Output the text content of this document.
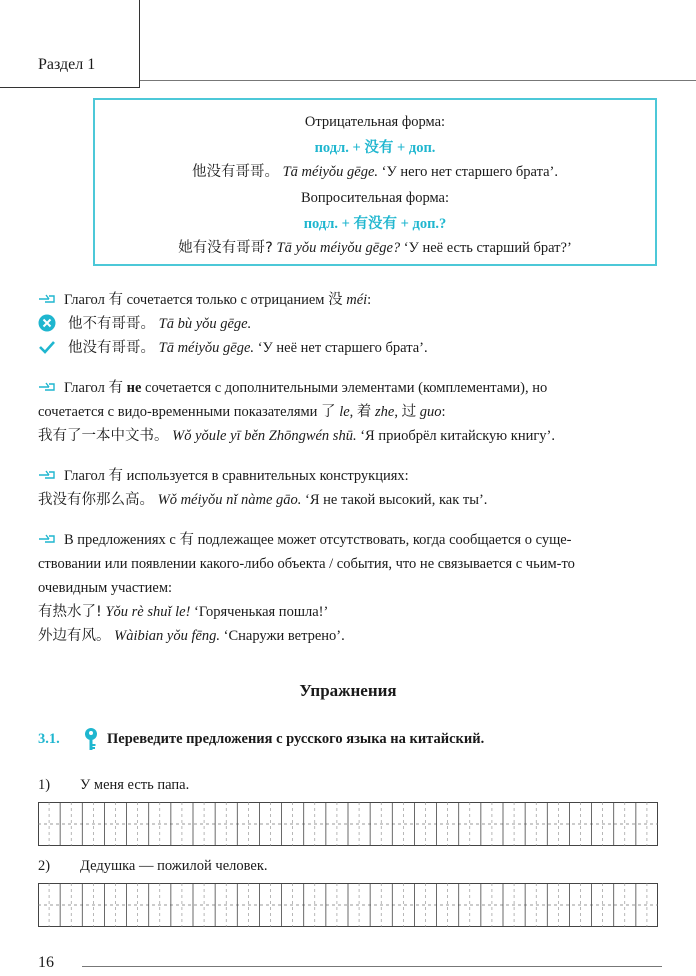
Раздел 1
Отрицательная форма:
подл. + 没有 + доп.
他没有哥哥。 Tā méiyǒu gēge. ‘У него нет старшего брата’.
Вопросительная форма:
подл. + 有没有 + доп.?
她有没有哥哥? Tā yǒu méiyǒu gēge? ‘У неё есть старший брат?’
Глагол 有 сочетается только с отрицанием 没 méi:
他不有哥哥。 Tā bù yǒu gēge.
他没有哥哥。 Tā méiyǒu gēge. ‘У неё нет старшего брата’.
Глагол 有 не сочетается с дополнительными элементами (комплементами), но
сочетается с видо-временными показателями 了 le, 着 zhe, 过 guo:
我有了一本中文书。 Wǒ yǒule yī běn Zhōngwén shū. ‘Я приобрёл китайскую книгу’.
Глагол 有 используется в сравнительных конструкциях:
我没有你那么高。 Wǒ méiyǒu nǐ nàme gāo. ‘Я не такой высокий, как ты’.
В предложениях с 有 подлежащее может отсутствовать, когда сообщается о суще-
ствовании или появлении какого-либо объекта / события, что не связывается с чьим-то
очевидным участием:
有热水了! Yǒu rè shuǐ le! ‘Горяченькая пошла!’
外边有风。 Wàibian yǒu fēng. ‘Снаружи ветрено’.
Упражнения
3.1.	Переведите предложения с русского языка на китайский.
1) У меня есть папа.
2) Дедушка — пожилой человек.
16
